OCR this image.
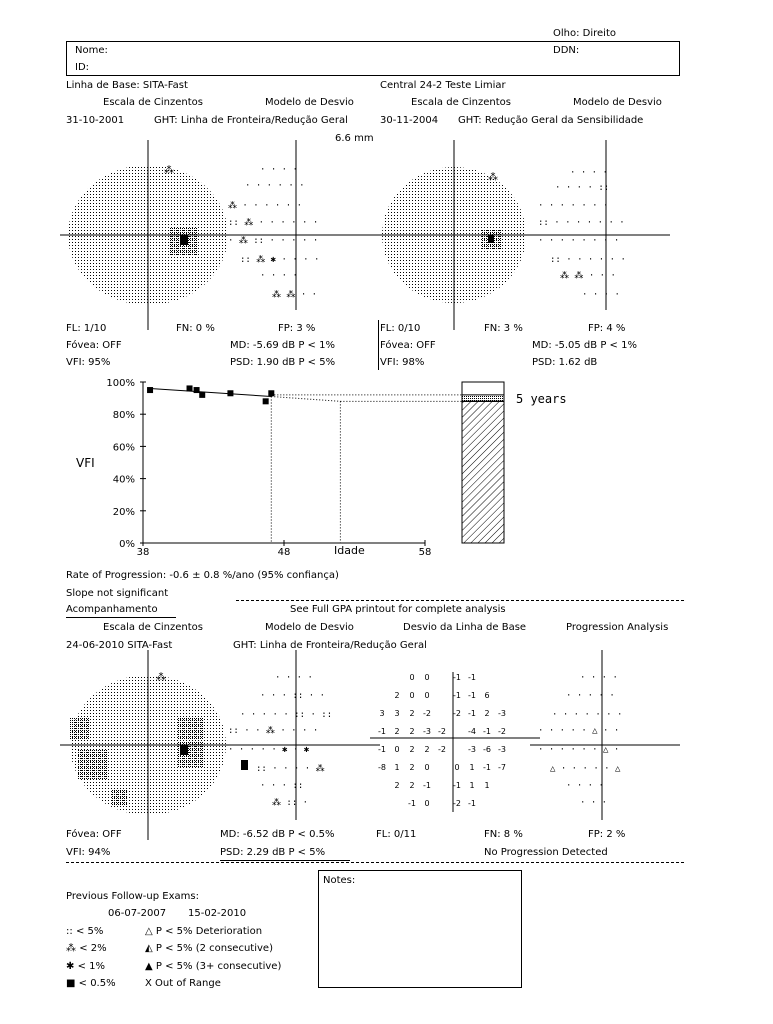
Olho: Direito
Nome:
ID:
DDN:
Linha de Base: SITA-Fast	Central 24-2 Teste Limiar
Escala de Cinzentos	Modelo de Desvio	Escala de Cinzentos	Modelo de Desvio
31-10-2001	GHT: Linha de Fronteira/Redução Geral	30-11-2004 GHT: Redução Geral da Sensibilidade
6.6 mm
⁂	· · · ·
· · · · · ·
⁂ · · · · · ·
:: ⁂ · · · · · ·
· ⁂ :: · · · · ·
:: ⁂ ✱ · · · ·
· · · ·
⁂ ⁂ · ·
⁂	· · · ·
· · · · ::
· · · · · · ·
:: · · · · · · ·
· · · · · · · ·
:: · · · · · ·
⁂ ⁂ · · ·
· · · ·
FL: 1/10	FN: 0 %	FP: 3 %
Fóvea: OFF	MD: -5.69 dB P < 1%
VFI: 95%	PSD: 1.90 dB P < 5%
FL: 0/10	FN: 3 %	FP: 4 %
Fóvea: OFF	MD: -5.05 dB P < 1%
VFI: 98%	PSD: 1.62 dB
100%
80%
60%
40%
20%
0%
38	48	58
VFI
Idade
5 years
Rate of Progression: -0.6 ± 0.8 %/ano (95% confiança)
Slope not significant
Acompanhamento	See Full GPA printout for complete analysis
Escala de Cinzentos	Modelo de Desvio	Desvio da Linha de Base	Progression Analysis
24-06-2010 SITA-Fast	GHT: Linha de Fronteira/Redução Geral
⁂	· · · ·
· · · :: · ·
· · · · · :: · ::
:: · · ⁂ · · · ·
· · · · · ✱ · ✱
:: · · · · ⁂
· · · ::
⁂ :: ·
0 0	-1 -1
2 0 0	-1 -1 6
3 3 2 -2	-2 -1 2 -3
-1 2 2 -3 -2	-4 -1 -2
-1 0 2 2 -2	-3 -6 -3
-8 1 2 0	0 1 -1 -7
2 2 -1	-1 1 1
-1 0	-2 -1
· · · ·
· · · · ·
· · · · · · ·
· · · · · △ · ·
· · · · · · △ ·
△ · · · · · △
· · · ·
· · ·
Fóvea: OFF	MD: -6.52 dB P < 0.5%	FL: 0/11	FN: 8 %	FP: 2 %
VFI: 94%	PSD: 2.29 dB P < 5%	No Progression Detected
Notes:
Previous Follow-up Exams:
06-07-2007 15-02-2010
:: < 5%
⁂ < 2%
✱ < 1%
■ < 0.5%
△ P < 5% Deterioration
◭ P < 5% (2 consecutive)
▲ P < 5% (3+ consecutive)
X Out of Range
